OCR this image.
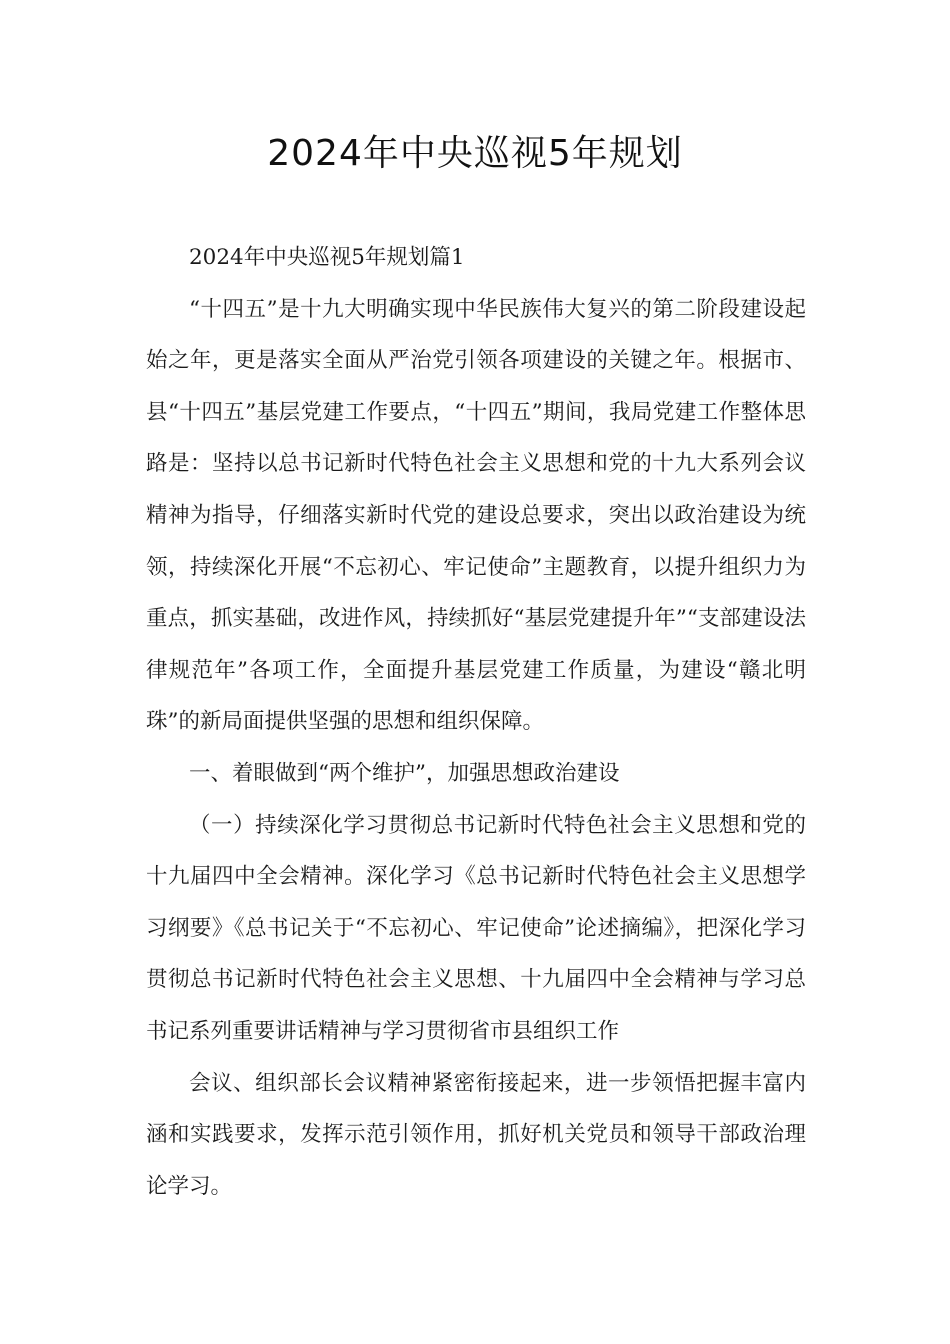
2024年中央巡视5年规划

2024年中央巡视5年规划篇1

“十四五”是十九大明确实现中华民族伟大复兴的第二阶段建设起始之年，更是落实全面从严治党引领各项建设的关键之年。根据市、县“十四五”基层党建工作要点，“十四五”期间，我局党建工作整体思路是：坚持以总书记新时代特色社会主义思想和党的十九大系列会议精神为指导，仔细落实新时代党的建设总要求，突出以政治建设为统领，持续深化开展“不忘初心、牢记使命”主题教育，以提升组织力为重点，抓实基础，改进作风，持续抓好“基层党建提升年”“支部建设法律规范年”各项工作，全面提升基层党建工作质量，为建设“赣北明珠”的新局面提供坚强的思想和组织保障。

一、着眼做到“两个维护”，加强思想政治建设

（一）持续深化学习贯彻总书记新时代特色社会主义思想和党的十九届四中全会精神。深化学习《总书记新时代特色社会主义思想学习纲要》《总书记关于“不忘初心、牢记使命”论述摘编》，把深化学习贯彻总书记新时代特色社会主义思想、十九届四中全会精神与学习总书记系列重要讲话精神与学习贯彻省市县组织工作

会议、组织部长会议精神紧密衔接起来，进一步领悟把握丰富内涵和实践要求，发挥示范引领作用，抓好机关党员和领导干部政治理论学习。
